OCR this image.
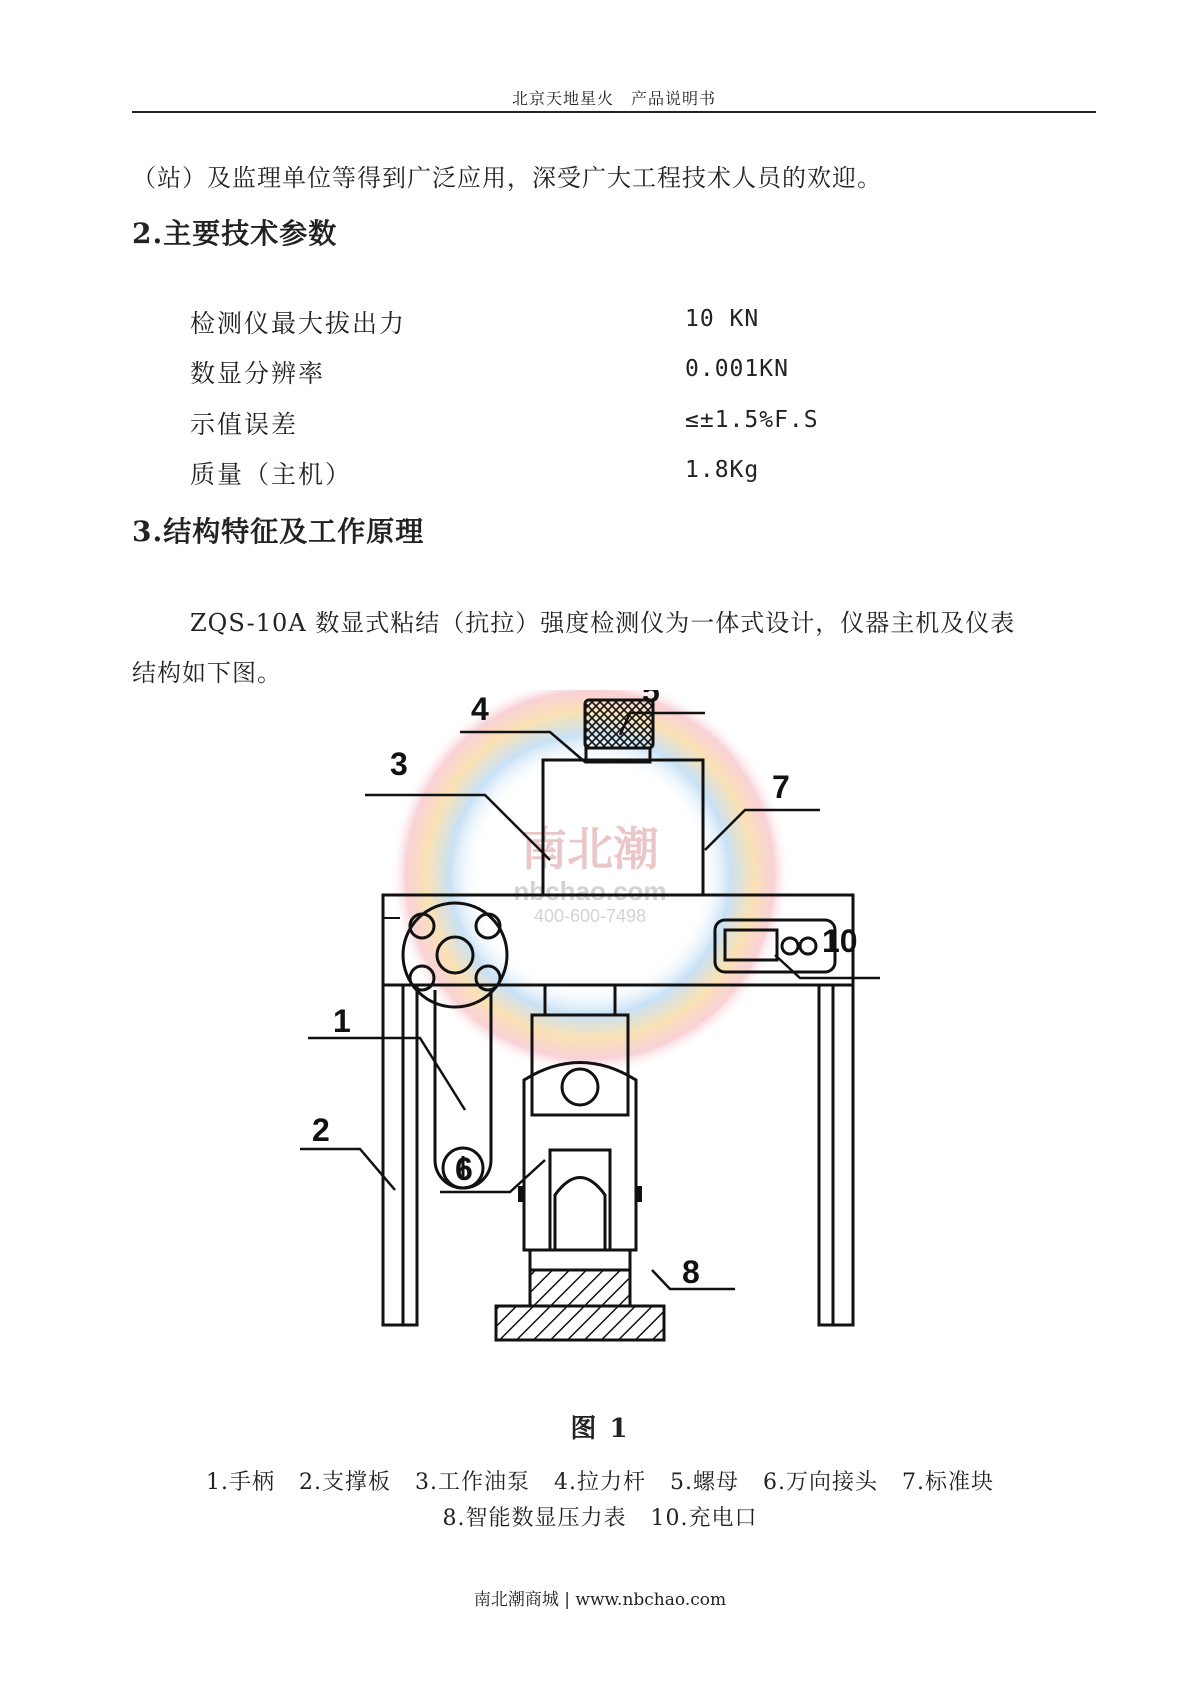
北京天地星火　产品说明书
（站）及监理单位等得到广泛应用，深受广大工程技术人员的欢迎。
2.主要技术参数
检测仪最大拔出力	10 KN
数显分辨率	0.001KN
示值误差	≤±1.5%F.S
质量（主机）	1.8Kg
3.结构特征及工作原理
ZQS-10A 数显式粘结（抗拉）强度检测仪为一体式设计，仪器主机及仪表
结构如下图。
南北潮
nbchao.com
400-600-7498
4	5
3
7
10
1
2
6
8
图 1
1.手柄 2.支撑板 3.工作油泵 4.拉力杆 5.螺母 6.万向接头 7.标准块
8.智能数显压力表 10.充电口
南北潮商城 | www.nbchao.com
